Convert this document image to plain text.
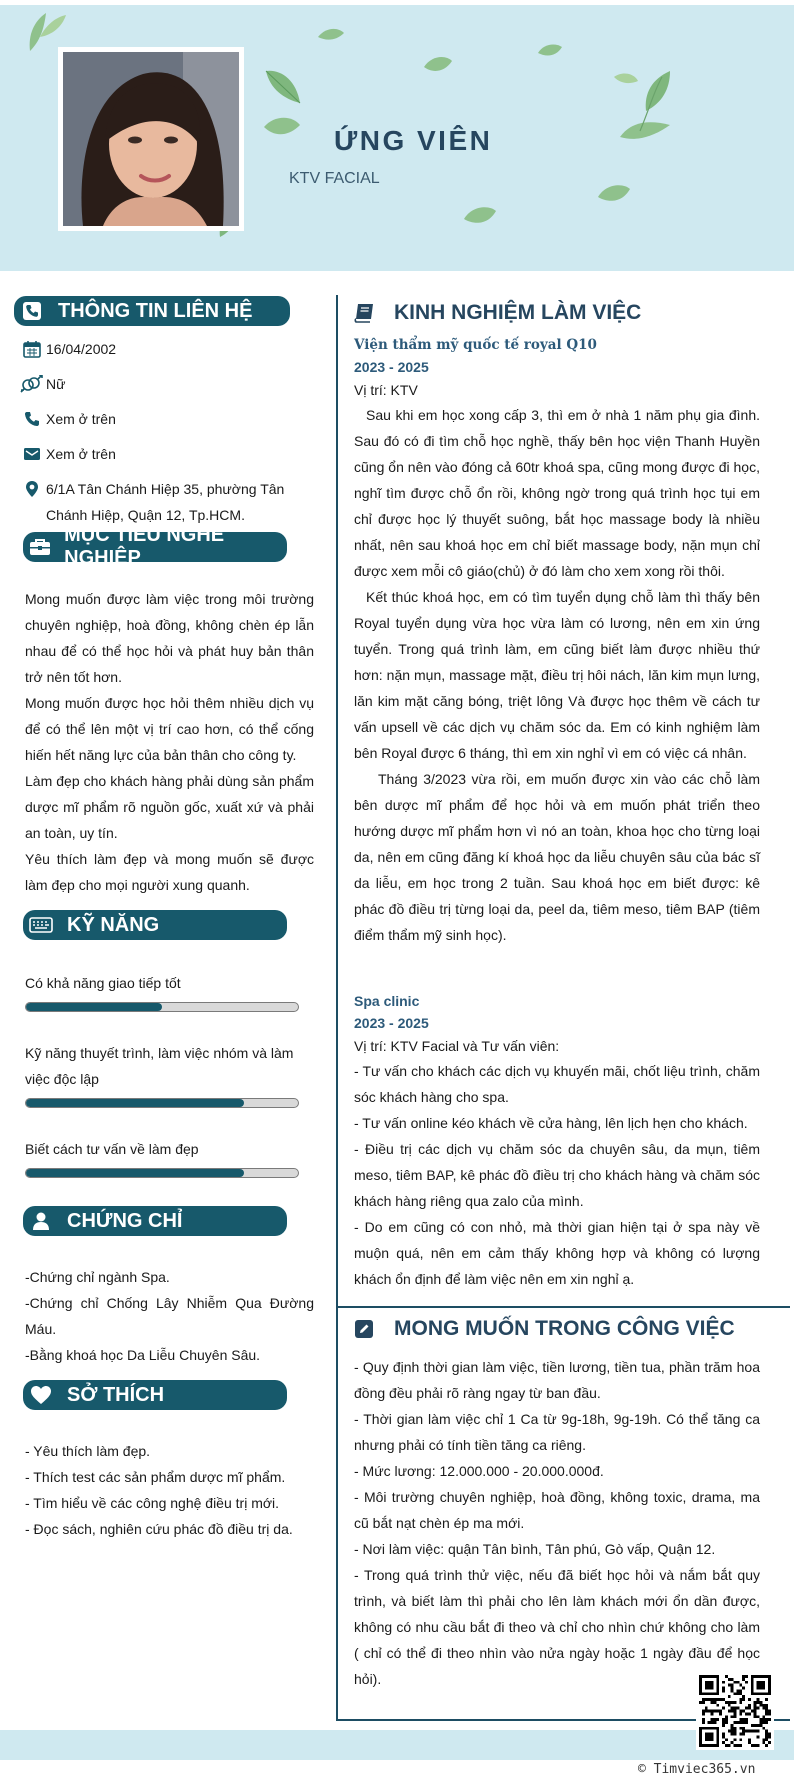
ỨNG VIÊN
KTV FACIAL
THÔNG TIN LIÊN HỆ
16/04/2002
Nữ
Xem ở trên
Xem ở trên
6/1A Tân Chánh Hiệp 35, phường Tân Chánh Hiệp, Quận 12, Tp.HCM.
MỤC TIÊU NGHỀ NGHIỆP

Mong muốn được làm việc trong môi trường chuyên nghiệp, hoà đồng, không chèn ép lẫn nhau để có thể học hỏi và phát huy bản thân trở nên tốt hơn.

Mong muốn được học hỏi thêm nhiều dịch vụ để có thể lên một vị trí cao hơn, có thể cống hiến hết năng lực của bản thân cho công ty.

Làm đẹp cho khách hàng phải dùng sản phẩm dược mĩ phẩm rõ nguồn gốc, xuất xứ và phải an toàn, uy tín.

Yêu thích làm đẹp và mong muốn sẽ được làm đẹp cho mọi người xung quanh.

KỸ NĂNG
Có khả năng giao tiếp tốt
Kỹ năng thuyết trình, làm việc nhóm và làm việc độc lập
Biết cách tư vấn về làm đẹp
CHỨNG CHỈ

-Chứng chỉ ngành Spa.

-Chứng chỉ Chống Lây Nhiễm Qua Đường Máu.

-Bằng khoá học Da Liễu Chuyên Sâu.

SỞ THÍCH

- Yêu thích làm đẹp.

- Thích test các sản phẩm dược mĩ phẩm.

- Tìm hiểu về các công nghệ điều trị mới.

- Đọc sách, nghiên cứu phác đồ điều trị da.

KINH NGHIỆM LÀM VIỆC
Viện thẩm mỹ quốc tế royal Q10
2023 - 2025
Vị trí: KTV

Sau khi em học xong cấp 3, thì em ở nhà 1 năm phụ gia đình. Sau đó có đi tìm chỗ học nghề, thấy bên học viện Thanh Huyền cũng ổn nên vào đóng cả 60tr khoá spa, cũng mong được đi học, nghĩ tìm được chỗ ổn rồi, không ngờ trong quá trình học tụi em chỉ được học lý thuyết suông, bắt học massage body là nhiều nhất, nên sau khoá học em chỉ biết massage body, nặn mụn chỉ được xem mỗi cô giáo(chủ) ở đó làm cho xem xong rồi thôi.

Kết thúc khoá học, em có tìm tuyển dụng chỗ làm thì thấy bên Royal tuyển dụng vừa học vừa làm có lương, nên em xin ứng tuyển. Trong quá trình làm, em cũng biết làm được nhiều thứ hơn: nặn mụn, massage mặt, điều trị hôi nách, lăn kim mụn lưng, lăn kim mặt căng bóng, triệt lông Và được học thêm về cách tư vấn upsell về các dịch vụ chăm sóc da. Em có kinh nghiệm làm bên Royal được 6 tháng, thì em xin nghỉ vì em có việc cá nhân.

Tháng 3/2023 vừa rồi, em muốn được xin vào các chỗ làm bên dược mĩ phẩm để học hỏi và em muốn phát triển theo hướng dược mĩ phẩm hơn vì nó an toàn, khoa học cho từng loại da, nên em cũng đăng kí khoá học da liễu chuyên sâu của bác sĩ da liễu, em học trong 2 tuần. Sau khoá học em biết được: kê phác đồ điều trị từng loại da, peel da, tiêm meso, tiêm BAP (tiêm điểm thẩm mỹ sinh học).

Spa clinic
2023 - 2025
Vị trí: KTV Facial và Tư vấn viên:

- Tư vấn cho khách các dịch vụ khuyến mãi, chốt liệu trình, chăm sóc khách hàng cho spa.

- Tư vấn online kéo khách về cửa hàng, lên lịch hẹn cho khách.

- Điều trị các dịch vụ chăm sóc da chuyên sâu, da mụn, tiêm meso, tiêm BAP, kê phác đồ điều trị cho khách hàng và chăm sóc khách hàng riêng qua zalo của mình.

- Do em cũng có con nhỏ, mà thời gian hiện tại ở spa này về muộn quá, nên em cảm thấy không hợp và không có lượng khách ổn định để làm việc nên em xin nghỉ ạ.

MONG MUỐN TRONG CÔNG VIỆC

- Quy định thời gian làm việc, tiền lương, tiền tua, phần trăm hoa đồng đều phải rõ ràng ngay từ ban đầu.

- Thời gian làm việc chỉ 1 Ca từ 9g-18h, 9g-19h. Có thể tăng ca nhưng phải có tính tiền tăng ca riêng.

- Mức lương: 12.000.000 - 20.000.000đ.

- Môi trường chuyên nghiệp, hoà đồng, không toxic, drama, ma cũ bắt nạt chèn ép ma mới.

- Nơi làm việc: quận Tân bình, Tân phú, Gò vấp, Quận 12.

- Trong quá trình thử việc, nếu đã biết học hỏi và nắm bắt quy trình, và biết làm thì phải cho lên làm khách mới ổn dần được, không có nhu cầu bắt đi theo và chỉ cho nhìn chứ không cho làm ( chỉ có thể đi theo nhìn vào nửa ngày hoặc 1 ngày đầu để học hỏi).

© Timviec365.vn
